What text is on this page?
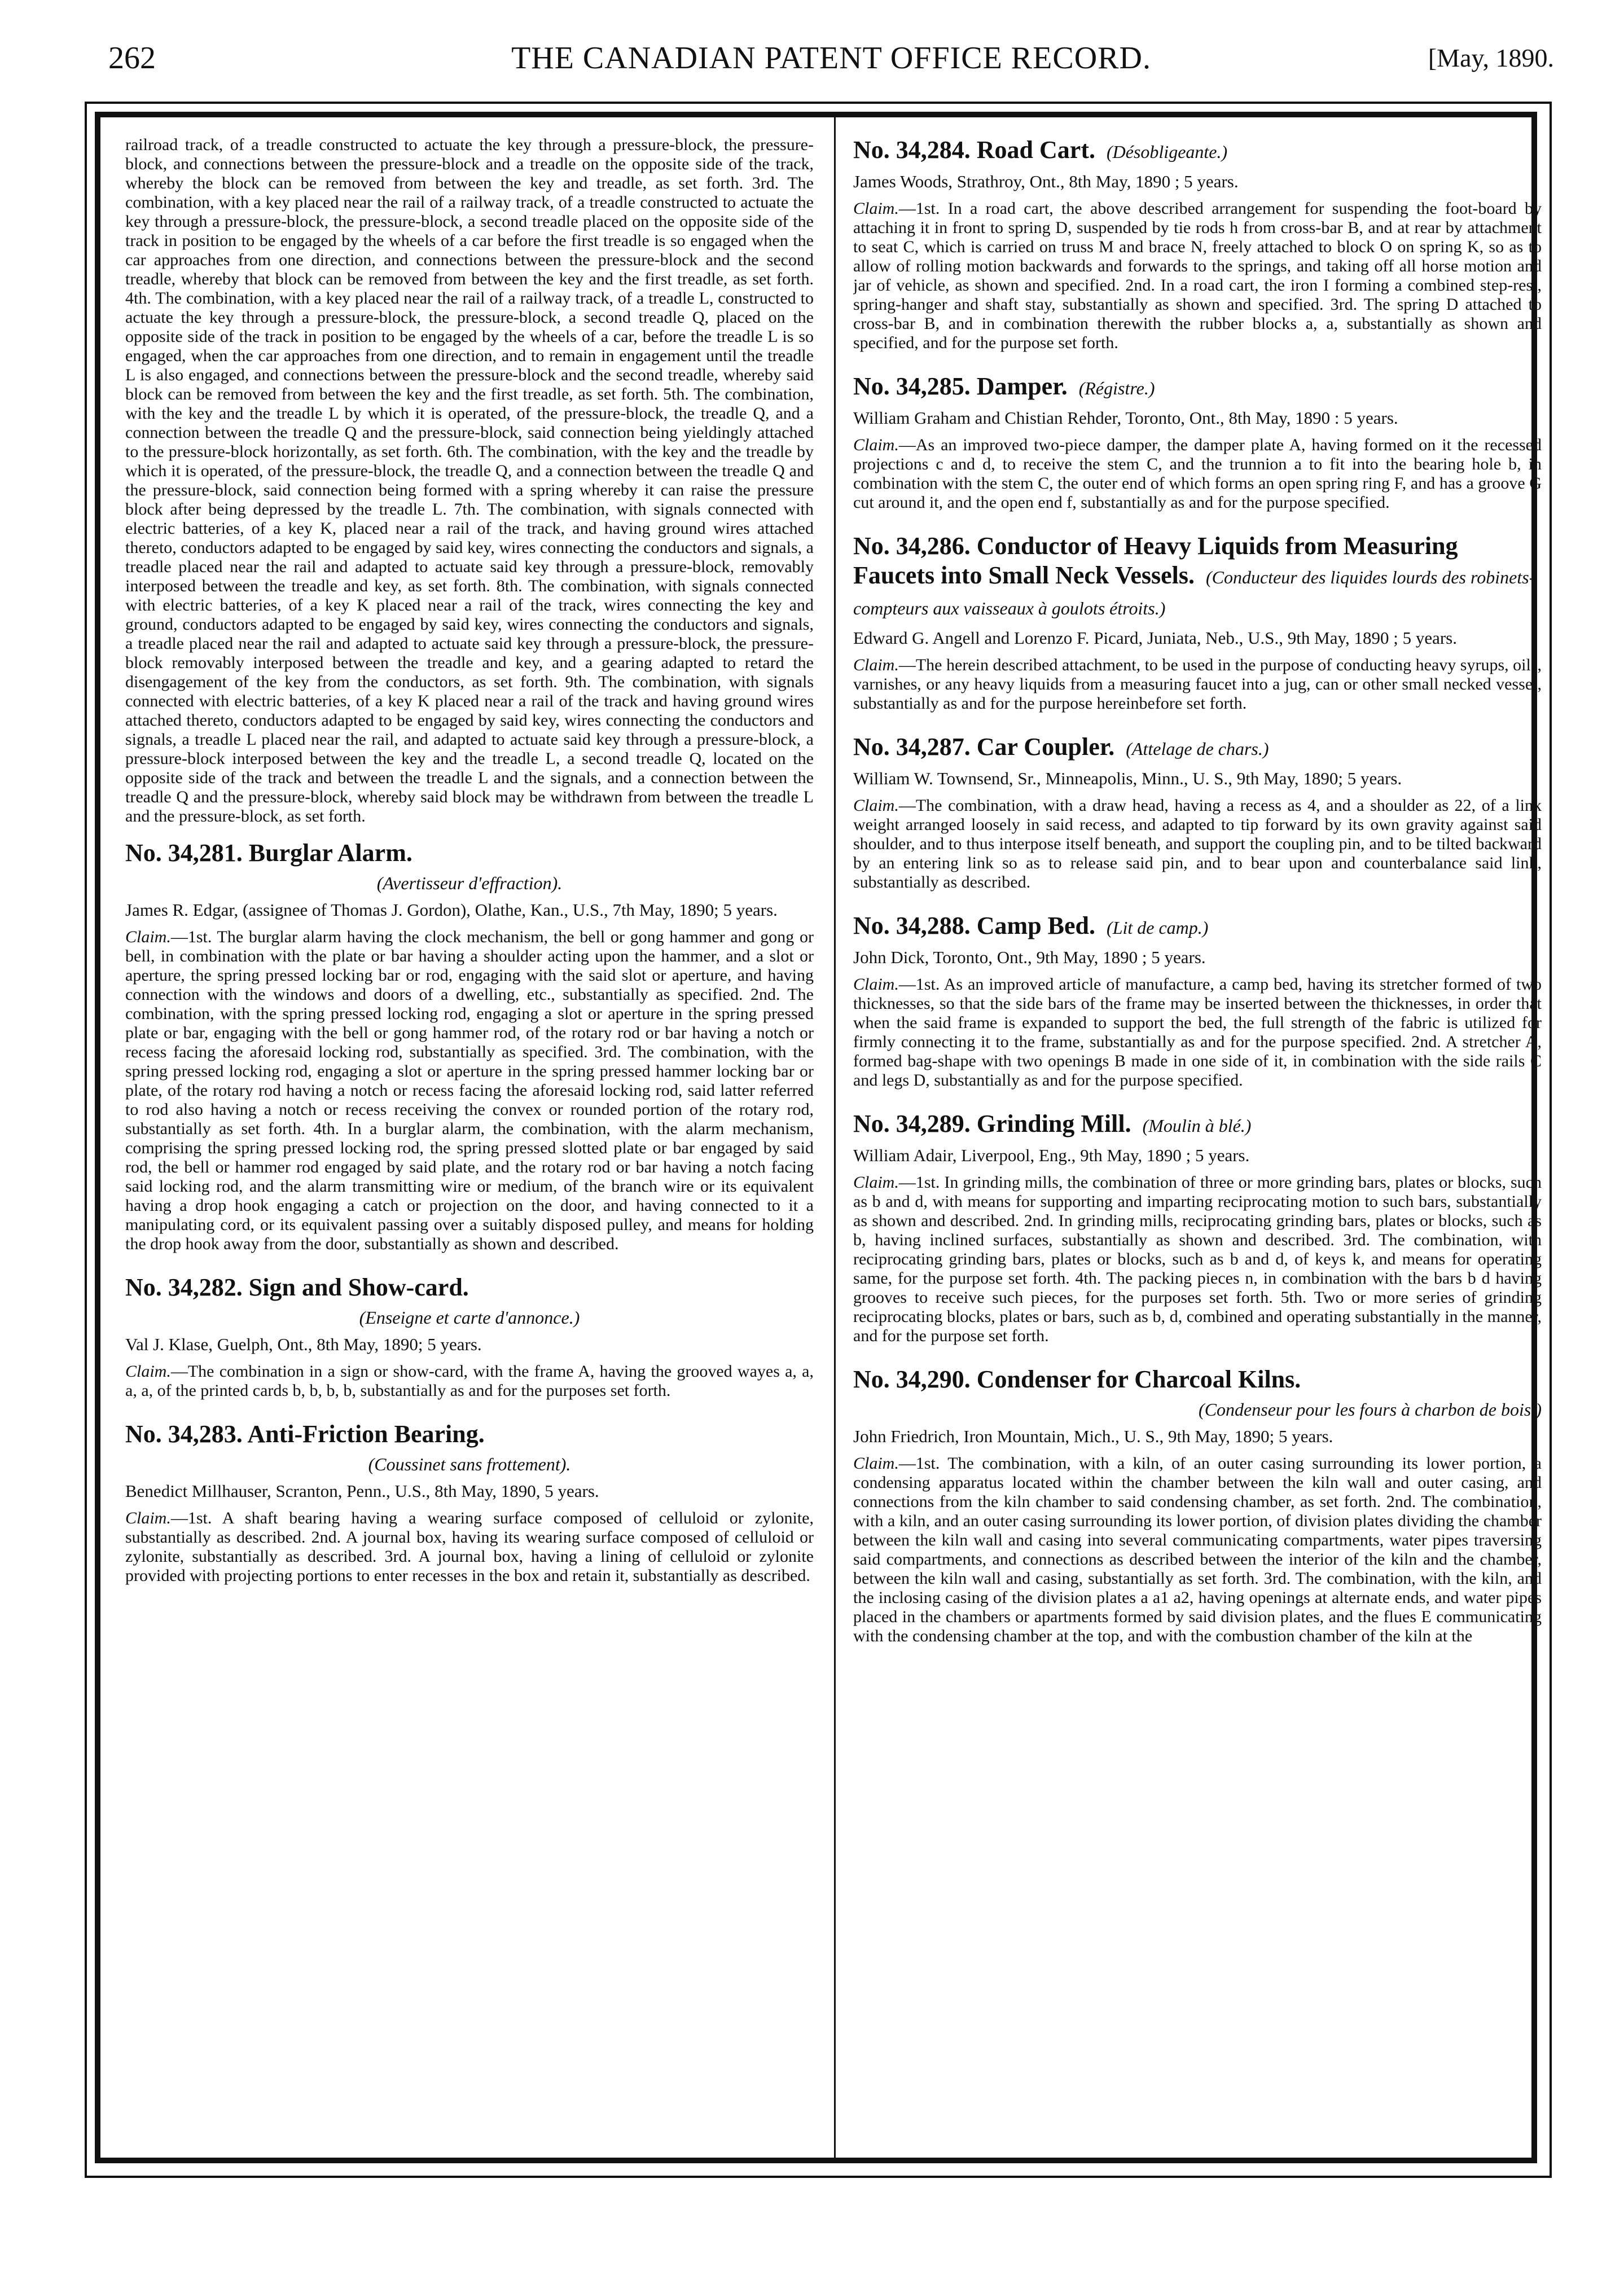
262	THE CANADIAN PATENT OFFICE RECORD.	[May, 1890.

railroad track, of a treadle constructed to actuate the key through a pressure-block, the pressure-block, and connections between the pressure-block and a treadle on the opposite side of the track, whereby the block can be removed from between the key and treadle, as set forth. 3rd. The combination, with a key placed near the rail of a railway track, of a treadle constructed to actuate the key through a pressure-block, the pressure-block, a second treadle placed on the opposite side of the track in position to be engaged by the wheels of a car before the first treadle is so engaged when the car approaches from one direction, and connections between the pressure-block and the second treadle, whereby that block can be removed from between the key and the first treadle, as set forth. 4th. The combination, with a key placed near the rail of a railway track, of a treadle L, constructed to actuate the key through a pressure-block, the pressure-block, a second treadle Q, placed on the opposite side of the track in position to be engaged by the wheels of a car, before the treadle L is so engaged, when the car approaches from one direction, and to remain in engagement until the treadle L is also engaged, and connections between the pressure-block and the second treadle, whereby said block can be removed from between the key and the first treadle, as set forth. 5th. The combination, with the key and the treadle L by which it is operated, of the pressure-block, the treadle Q, and a connection between the treadle Q and the pressure-block, said connection being yieldingly attached to the pressure-block horizontally, as set forth. 6th. The combination, with the key and the treadle by which it is operated, of the pressure-block, the treadle Q, and a connection between the treadle Q and the pressure-block, said connection being formed with a spring whereby it can raise the pressure block after being depressed by the treadle L. 7th. The combination, with signals connected with electric batteries, of a key K, placed near a rail of the track, and having ground wires attached thereto, conductors adapted to be engaged by said key, wires connecting the conductors and signals, a treadle placed near the rail and adapted to actuate said key through a pressure-block, removably interposed between the treadle and key, as set forth. 8th. The combination, with signals connected with electric batteries, of a key K placed near a rail of the track, wires connecting the key and ground, conductors adapted to be engaged by said key, wires connecting the conductors and signals, a treadle placed near the rail and adapted to actuate said key through a pressure-block, the pressure-block removably interposed between the treadle and key, and a gearing adapted to retard the disengagement of the key from the conductors, as set forth. 9th. The combination, with signals connected with electric batteries, of a key K placed near a rail of the track and having ground wires attached thereto, conductors adapted to be engaged by said key, wires connecting the conductors and signals, a treadle L placed near the rail, and adapted to actuate said key through a pressure-block, a pressure-block interposed between the key and the treadle L, a second treadle Q, located on the opposite side of the track and between the treadle L and the signals, and a connection between the treadle Q and the pressure-block, whereby said block may be withdrawn from between the treadle L and the pressure-block, as set forth.

No. 34,281. Burglar Alarm.
(Avertisseur d'effraction).
James R. Edgar, (assignee of Thomas J. Gordon), Olathe, Kan., U.S., 7th May, 1890; 5 years.

Claim.—1st. The burglar alarm having the clock mechanism, the bell or gong hammer and gong or bell, in combination with the plate or bar having a shoulder acting upon the hammer, and a slot or aperture, the spring pressed locking bar or rod, engaging with the said slot or aperture, and having connection with the windows and doors of a dwelling, etc., substantially as specified. 2nd. The combination, with the spring pressed locking rod, engaging a slot or aperture in the spring pressed plate or bar, engaging with the bell or gong hammer rod, of the rotary rod or bar having a notch or recess facing the aforesaid locking rod, substantially as specified. 3rd. The combination, with the spring pressed locking rod, engaging a slot or aperture in the spring pressed hammer locking bar or plate, of the rotary rod having a notch or recess facing the aforesaid locking rod, said latter referred to rod also having a notch or recess receiving the convex or rounded portion of the rotary rod, substantially as set forth. 4th. In a burglar alarm, the combination, with the alarm mechanism, comprising the spring pressed locking rod, the spring pressed slotted plate or bar engaged by said rod, the bell or hammer rod engaged by said plate, and the rotary rod or bar having a notch facing said locking rod, and the alarm transmitting wire or medium, of the branch wire or its equivalent having a drop hook engaging a catch or projection on the door, and having connected to it a manipulating cord, or its equivalent passing over a suitably disposed pulley, and means for holding the drop hook away from the door, substantially as shown and described.

No. 34,282. Sign and Show-card.
(Enseigne et carte d'annonce.)
Val J. Klase, Guelph, Ont., 8th May, 1890; 5 years.

Claim.—The combination in a sign or show-card, with the frame A, having the grooved wayes a, a, a, a, of the printed cards b, b, b, b, substantially as and for the purposes set forth.

No. 34,283. Anti-Friction Bearing.
(Coussinet sans frottement).
Benedict Millhauser, Scranton, Penn., U.S., 8th May, 1890, 5 years.

Claim.—1st. A shaft bearing having a wearing surface composed of celluloid or zylonite, substantially as described. 2nd. A journal box, having its wearing surface composed of celluloid or zylonite, substantially as described. 3rd. A journal box, having a lining of celluloid or zylonite provided with projecting portions to enter recesses in the box and retain it, substantially as described.

No. 34,284. Road Cart. (Désobligeante.)
James Woods, Strathroy, Ont., 8th May, 1890 ; 5 years.

Claim.—1st. In a road cart, the above described arrangement for suspending the foot-board by attaching it in front to spring D, suspended by tie rods h from cross-bar B, and at rear by attachment to seat C, which is carried on truss M and brace N, freely attached to block O on spring K, so as to allow of rolling motion backwards and forwards to the springs, and taking off all horse motion and jar of vehicle, as shown and specified. 2nd. In a road cart, the iron I forming a combined step-rest, spring-hanger and shaft stay, substantially as shown and specified. 3rd. The spring D attached to cross-bar B, and in combination therewith the rubber blocks a, a, substantially as shown and specified, and for the purpose set forth.

No. 34,285. Damper. (Régistre.)
William Graham and Chistian Rehder, Toronto, Ont., 8th May, 1890 : 5 years.

Claim.—As an improved two-piece damper, the damper plate A, having formed on it the recessed projections c and d, to receive the stem C, and the trunnion a to fit into the bearing hole b, in combination with the stem C, the outer end of which forms an open spring ring F, and has a groove G cut around it, and the open end f, substantially as and for the purpose specified.

No. 34,286. Conductor of Heavy Liquids from Measuring Faucets into Small Neck Vessels. (Conducteur des liquides lourds des robinets-compteurs aux vaisseaux à goulots étroits.)
Edward G. Angell and Lorenzo F. Picard, Juniata, Neb., U.S., 9th May, 1890 ; 5 years.

Claim.—The herein described attachment, to be used in the purpose of conducting heavy syrups, oils, varnishes, or any heavy liquids from a measuring faucet into a jug, can or other small necked vessel, substantially as and for the purpose hereinbefore set forth.

No. 34,287. Car Coupler. (Attelage de chars.)
William W. Townsend, Sr., Minneapolis, Minn., U. S., 9th May, 1890; 5 years.

Claim.—The combination, with a draw head, having a recess as 4, and a shoulder as 22, of a link weight arranged loosely in said recess, and adapted to tip forward by its own gravity against said shoulder, and to thus interpose itself beneath, and support the coupling pin, and to be tilted backward by an entering link so as to release said pin, and to bear upon and counterbalance said link, substantially as described.

No. 34,288. Camp Bed. (Lit de camp.)
John Dick, Toronto, Ont., 9th May, 1890 ; 5 years.

Claim.—1st. As an improved article of manufacture, a camp bed, having its stretcher formed of two thicknesses, so that the side bars of the frame may be inserted between the thicknesses, in order that when the said frame is expanded to support the bed, the full strength of the fabric is utilized for firmly connecting it to the frame, substantially as and for the purpose specified. 2nd. A stretcher A, formed bag-shape with two openings B made in one side of it, in combination with the side rails C and legs D, substantially as and for the purpose specified.

No. 34,289. Grinding Mill. (Moulin à blé.)
William Adair, Liverpool, Eng., 9th May, 1890 ; 5 years.

Claim.—1st. In grinding mills, the combination of three or more grinding bars, plates or blocks, such as b and d, with means for supporting and imparting reciprocating motion to such bars, substantially as shown and described. 2nd. In grinding mills, reciprocating grinding bars, plates or blocks, such as b, having inclined surfaces, substantially as shown and described. 3rd. The combination, with reciprocating grinding bars, plates or blocks, such as b and d, of keys k, and means for operating same, for the purpose set forth. 4th. The packing pieces n, in combination with the bars b d having grooves to receive such pieces, for the purposes set forth. 5th. Two or more series of grinding reciprocating blocks, plates or bars, such as b, d, combined and operating substantially in the manner, and for the purpose set forth.

No. 34,290. Condenser for Charcoal Kilns.
(Condenseur pour les fours à charbon de bois.)
John Friedrich, Iron Mountain, Mich., U. S., 9th May, 1890; 5 years.

Claim.—1st. The combination, with a kiln, of an outer casing surrounding its lower portion, a condensing apparatus located within the chamber between the kiln wall and outer casing, and connections from the kiln chamber to said condensing chamber, as set forth. 2nd. The combination, with a kiln, and an outer casing surrounding its lower portion, of division plates dividing the chamber between the kiln wall and casing into several communicating compartments, water pipes traversing said compartments, and connections as described between the interior of the kiln and the chamber, between the kiln wall and casing, substantially as set forth. 3rd. The combination, with the kiln, and the inclosing casing of the division plates a a1 a2, having openings at alternate ends, and water pipes placed in the chambers or apartments formed by said division plates, and the flues E communicating with the condensing chamber at the top, and with the combustion chamber of the kiln at the
